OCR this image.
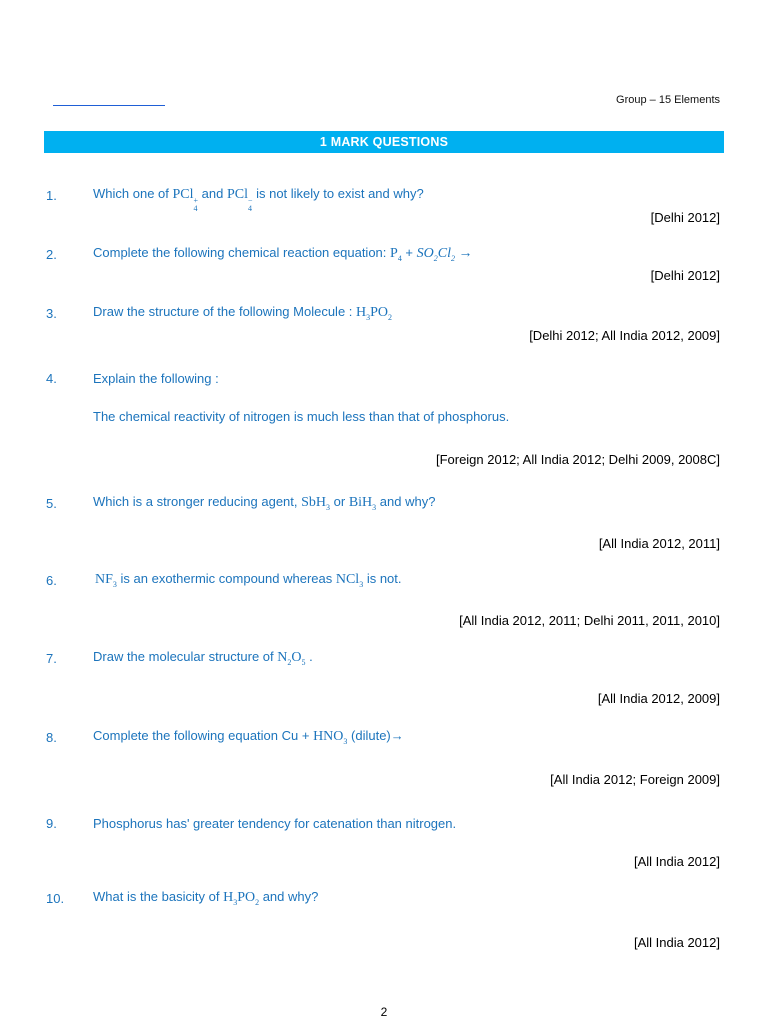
Group – 15 Elements
1 MARK QUESTIONS
1.	Which one of PCl +
4
and PCl −
4
is not likely to exist and why?
[Delhi 2012]
2.	Complete the following chemical reaction equation: $P_4 + SO_2Cl_2$ →
[Delhi 2012]
3.	Draw the structure of the following Molecule : $H_3PO_2$
[Delhi 2012; All India 2012, 2009]
4.	Explain the following :
The chemical reactivity of nitrogen is much less than that of phosphorus.
[Foreign 2012; All India 2012; Delhi 2009, 2008C]
5.	Which is a stronger reducing agent, SbH$_3$ or BiH$_3$ and why?
[All India 2012, 2011]
6.	$NF_3$ is an exothermic compound whereas NCl$_3$ is not.
[All India 2012, 2011; Delhi 2011, 2011, 2010]
7.	Draw the molecular structure of $N_2O_5$ .
[All India 2012, 2009]
8.	Complete the following equation $Cu + HNO_3$ (dilute)→
[All India 2012; Foreign 2009]
9.	Phosphorus has' greater tendency for catenation than nitrogen.
[All India 2012]
10. What is the basicity of $H_3PO_2$ and why?
[All India 2012]
2
